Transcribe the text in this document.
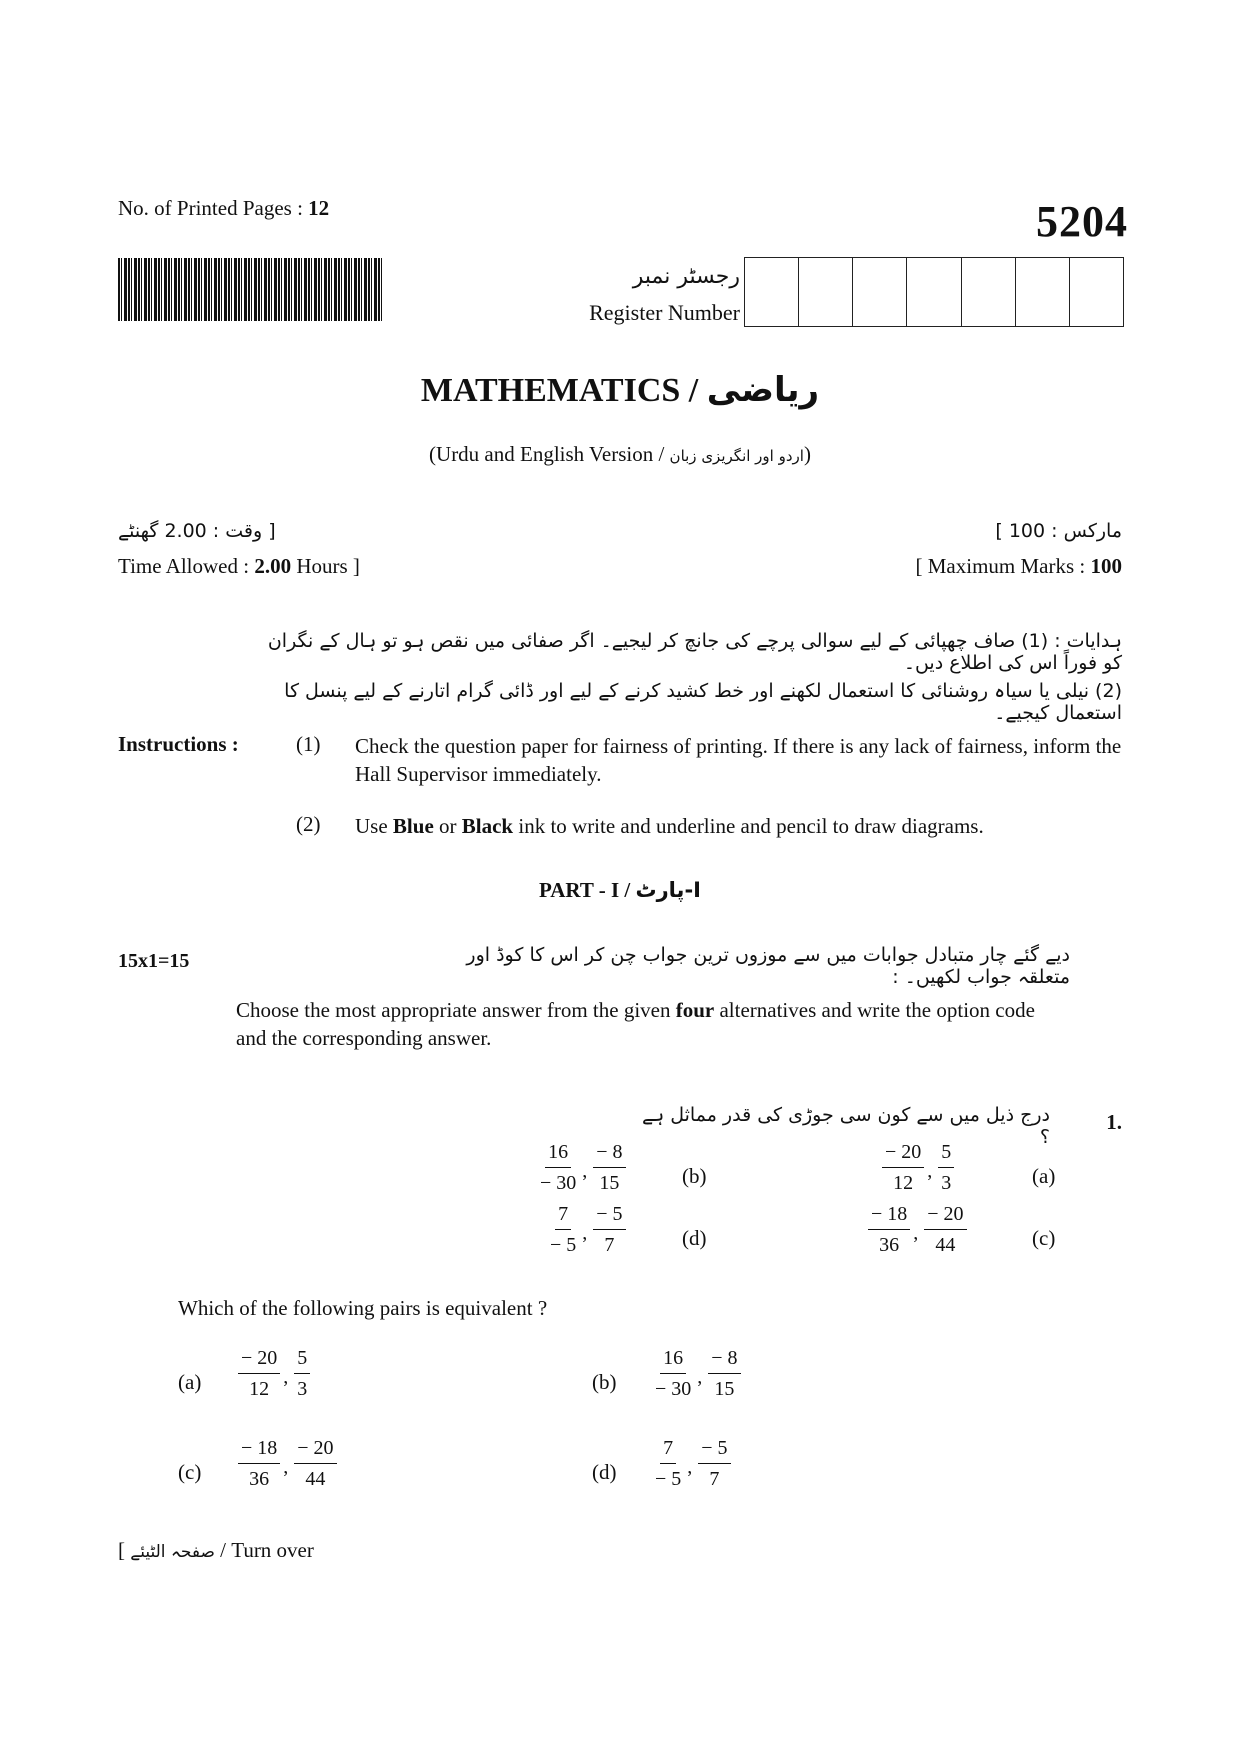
No. of Printed Pages : 12	5204
رجسٹر نمبر
Register Number
MATHEMATICS / ریاضی
(Urdu and English Version / اردو اور انگریزی زبان)
[ وقت : 2.00 گھنٹے	مارکس : 100 ]
Time Allowed : 2.00 Hours ]	[ Maximum Marks : 100
ہدایات : (1) صاف چھپائی کے لیے سوالی پرچے کی جانچ کر لیجیے۔ اگر صفائی میں نقص ہو تو ہال کے نگران کو فوراً اس کی اطلاع دیں۔
(2) نیلی یا سیاہ روشنائی کا استعمال لکھنے اور خط کشید کرنے کے لیے اور ڈائی گرام اتارنے کے لیے پنسل کا استعمال کیجیے۔
Instructions :	(1) Check the question paper for fairness of printing. If there is any lack of fairness, inform the Hall Supervisor immediately.
(2) Use Blue or Black ink to write and underline and pencil to draw diagrams.
PART - I / I-پارٹ
15x1=15	دیے گئے چار متبادل جوابات میں سے موزوں ترین جواب چن کر اس کا کوڈ اور متعلقہ جواب لکھیں۔ :
Choose the most appropriate answer from the given four alternatives and write the option code and the corresponding answer.
1.
درج ذیل میں سے کون سی جوڑی کی قدر مماثل ہے ؟
(a)
$\frac{- 20}{12}$ , $\frac{5}{3}$
(b)
$\frac{16}{- 30}$ , $\frac{- 8}{15}$
(c)
$\frac{- 18}{36}$ , $\frac{- 20}{44}$
(d)
$\frac{7}{- 5}$ , $\frac{- 5}{7}$
Which of the following pairs is equivalent ?
$(a) \frac{- 20}{12}$ , $\frac{5}{3}$	$(b) \frac{16}{- 30}$ , $\frac{- 8}{15}$
$(c) \frac{- 18}{36}$ , $\frac{- 20}{44}$	$(d) \frac{7}{- 5}$ , $\frac{- 5}{7}$
[ صفحہ الٹیئے / Turn over
